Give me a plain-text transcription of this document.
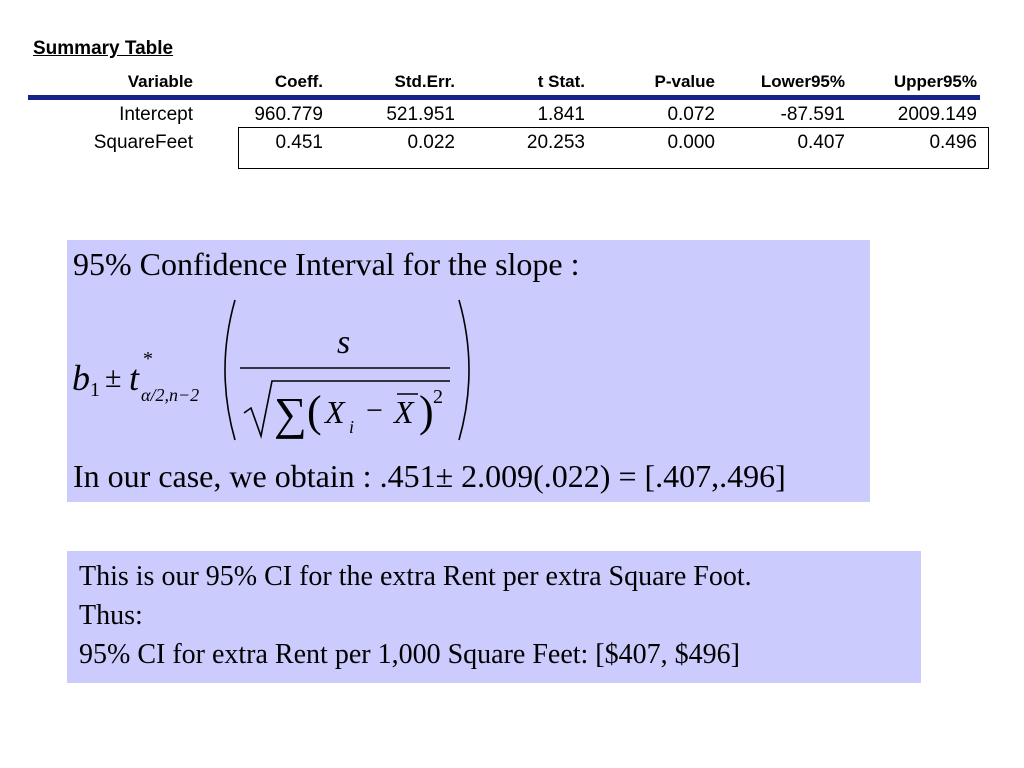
Summary Table
Variable	Coeff.	Std.Err.	t Stat.	P-value	Lower95%	Upper95%
Intercept	960.779	521.951	1.841	0.072	-87.591	2009.149
SquareFeet	0.451	0.022	20.253	0.000	0.407	0.496
95% Confidence Interval for the slope :
b 1 ± t *
α/2,n−2
s
∑ ( X i − X ) 2
In our case, we obtain : .451± 2.009(.022) = [.407,.496]
This is our 95% CI for the extra Rent per extra Square Foot.
Thus:
95% CI for extra Rent per 1,000 Square Feet: [$407, $496]
